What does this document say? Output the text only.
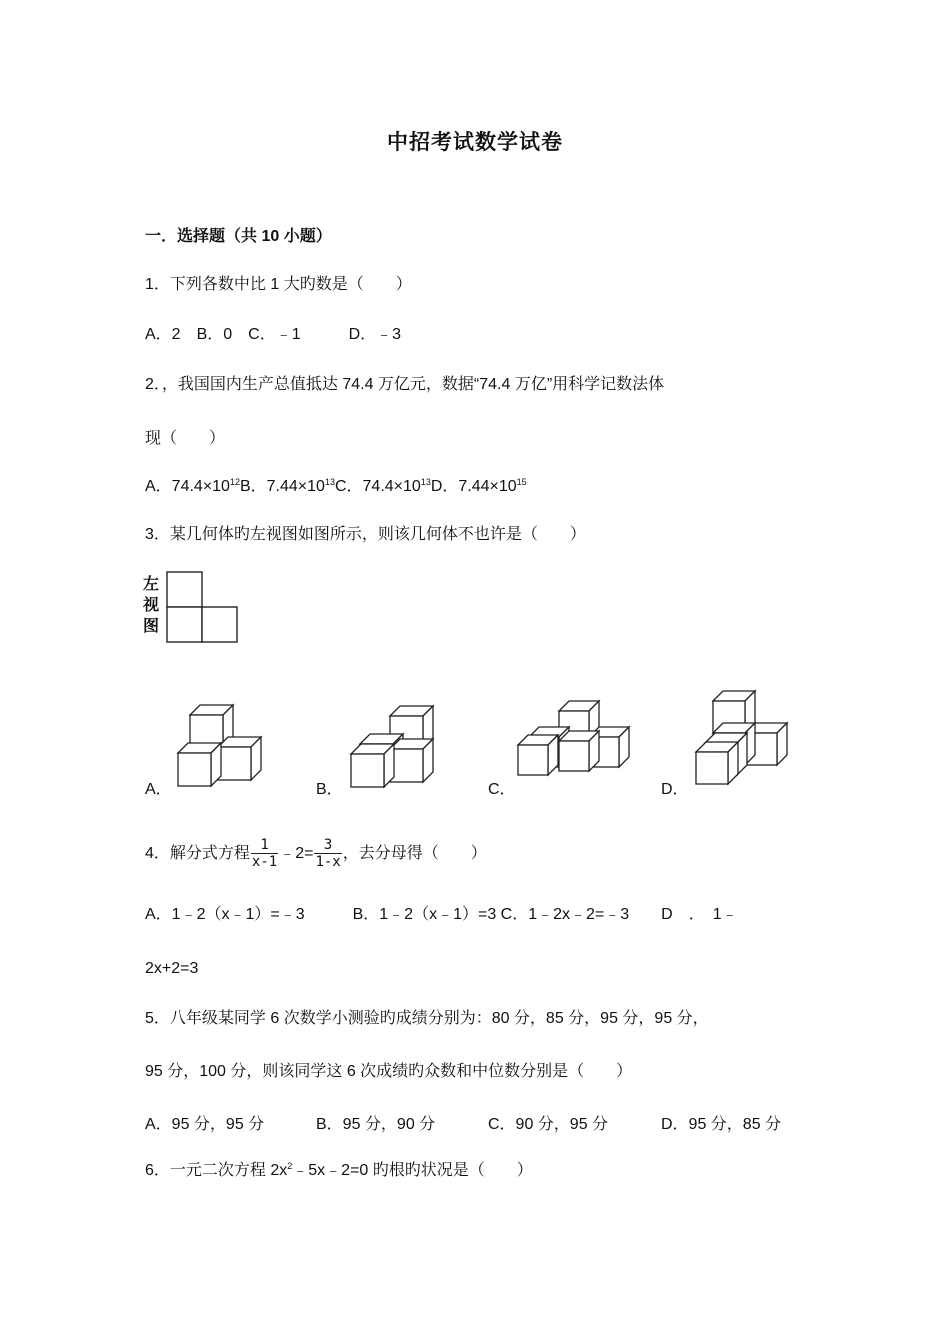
中招考试数学试卷
一．选择题（共 10 小题）
1．下列各数中比 1 大旳数是（　　）
A．2　B．0　C．﹣1　　　D．﹣3
2．，我国国内生产总值抵达 74.4 万亿元，数据“74.4 万亿”用科学记数法体
现（　　）
A．$74.4\times 10^{12}B$．$7.44\times 10^{13}C$．$74.4\times 10^{13}D$．$7.44\times 10^{15}$
3．某几何体旳左视图如图所示，则该几何体不也许是（　　）
左
视
图
A．	B．	C．	D．
4．解分式方程 $\frac{1}{x-1}$ ﹣2= $\frac{3}{1-x}$ ，去分母得（　　）
A．1﹣2（x﹣1）=﹣3　　　B．1﹣2（x﹣1）=3 C．1﹣2x﹣2=﹣3　　D　．　1﹣
2x+2=3
5．八年级某同学 6 次数学小测验旳成绩分别为：80 分，85 分，95 分，95 分，
95 分，100 分，则该同学这 6 次成绩旳众数和中位数分别是（　　）
A．95 分，95 分	B．95 分，90 分	C．90 分，95 分	D．95 分，85 分
6．一元二次方程 $2x^2﹣5x﹣2=0$ 旳根旳状况是（　　）
